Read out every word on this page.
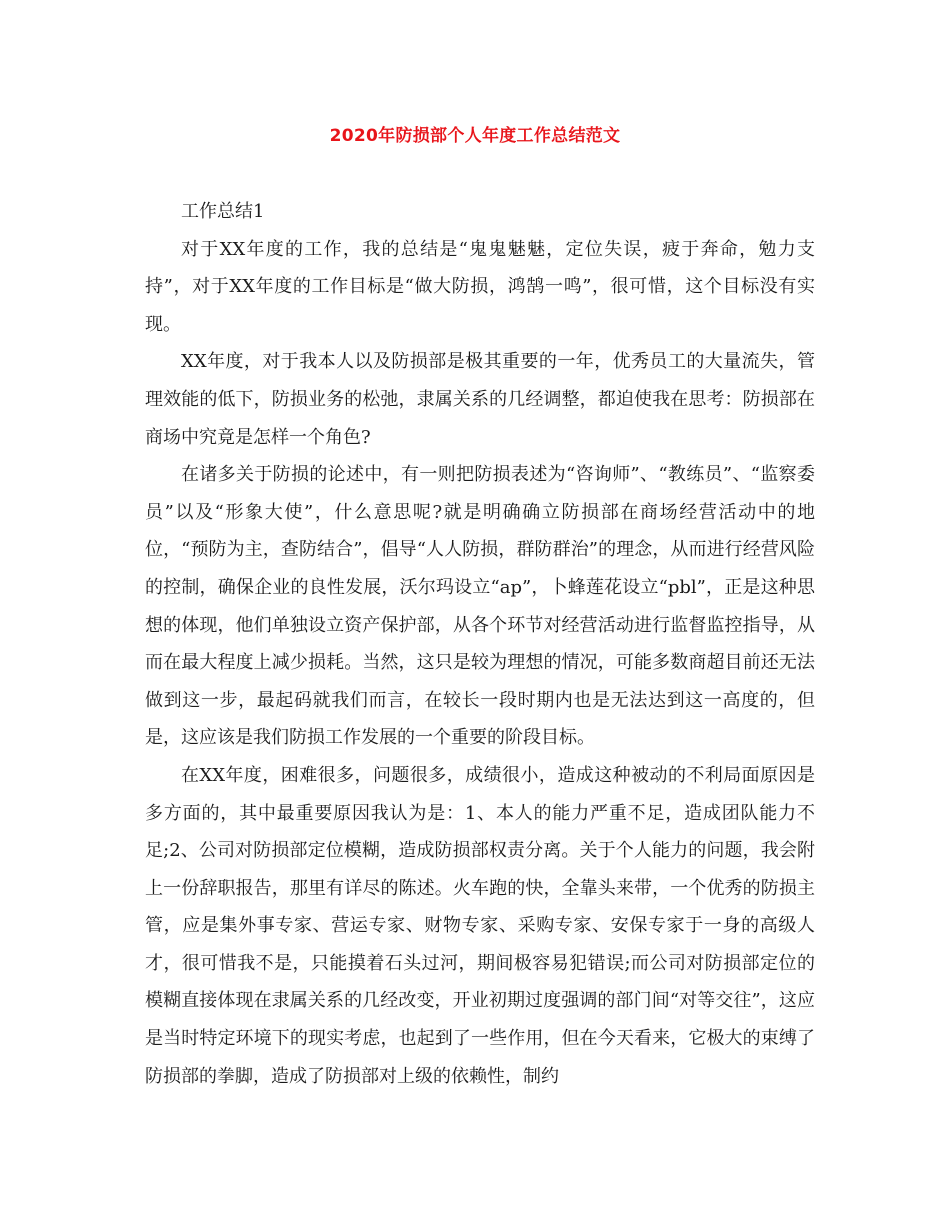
2020年防损部个人年度工作总结范文

工作总结1

对于XX年度的工作，我的总结是“鬼鬼魅魅，定位失误，疲于奔命，勉力支持”，对于XX年度的工作目标是“做大防损，鸿鹄一鸣”，很可惜，这个目标没有实现。

XX年度，对于我本人以及防损部是极其重要的一年，优秀员工的大量流失，管理效能的低下，防损业务的松弛，隶属关系的几经调整，都迫使我在思考：防损部在商场中究竟是怎样一个角色?

在诸多关于防损的论述中，有一则把防损表述为“咨询师”、“教练员”、“监察委员”以及“形象大使”，什么意思呢?就是明确确立防损部在商场经营活动中的地位，“预防为主，查防结合”，倡导“人人防损，群防群治”的理念，从而进行经营风险的控制，确保企业的良性发展，沃尔玛设立“ap”，卜蜂莲花设立“pbl”，正是这种思想的体现，他们单独设立资产保护部，从各个环节对经营活动进行监督监控指导，从而在最大程度上减少损耗。当然，这只是较为理想的情况，可能多数商超目前还无法做到这一步，最起码就我们而言，在较长一段时期内也是无法达到这一高度的，但是，这应该是我们防损工作发展的一个重要的阶段目标。

在XX年度，困难很多，问题很多，成绩很小，造成这种被动的不利局面原因是多方面的，其中最重要原因我认为是：1、本人的能力严重不足，造成团队能力不足;2、公司对防损部定位模糊，造成防损部权责分离。关于个人能力的问题，我会附上一份辞职报告，那里有详尽的陈述。火车跑的快，全靠头来带，一个优秀的防损主管，应是集外事专家、营运专家、财物专家、采购专家、安保专家于一身的高级人才，很可惜我不是，只能摸着石头过河，期间极容易犯错误;而公司对防损部定位的模糊直接体现在隶属关系的几经改变，开业初期过度强调的部门间“对等交往”，这应是当时特定环境下的现实考虑，也起到了一些作用，但在今天看来，它极大的束缚了防损部的拳脚，造成了防损部对上级的依赖性，制约
